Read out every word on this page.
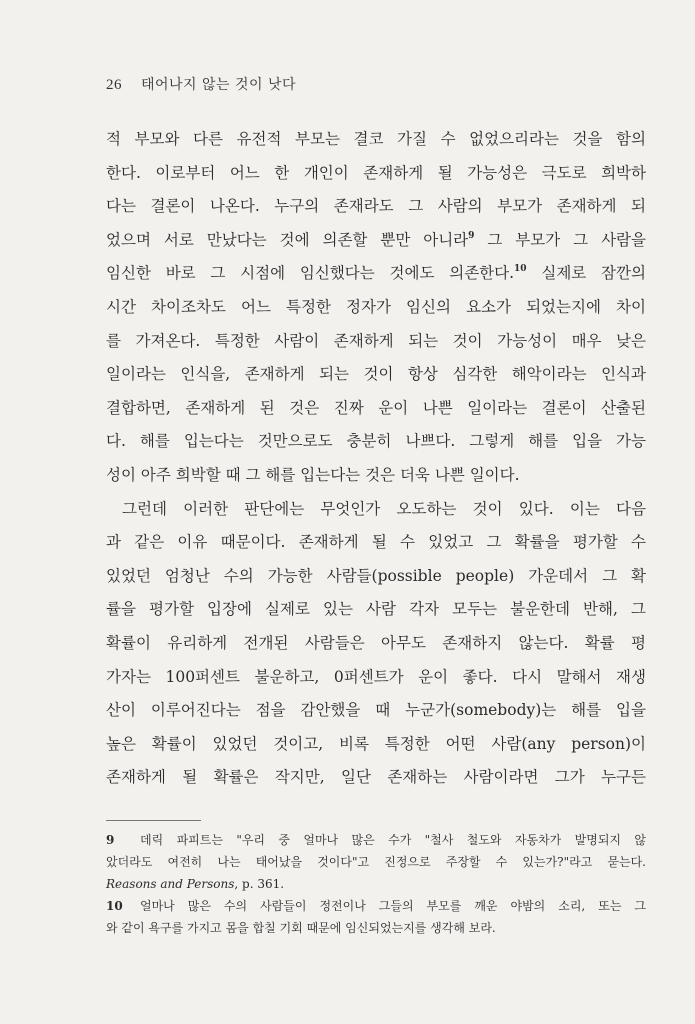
26 태어나지 않는 것이 낫다
적 부모와 다른 유전적 부모는 결코 가질 수 없었으리라는 것을 함의
한다. 이로부터 어느 한 개인이 존재하게 될 가능성은 극도로 희박하
다는 결론이 나온다. 누구의 존재라도 그 사람의 부모가 존재하게 되
었으며 서로 만났다는 것에 의존할 뿐만 아니라$^9$ 그 부모가 그 사람을
임신한 바로 그 시점에 임신했다는 것에도 의존한다.$^{10}$ 실제로 잠깐의
시간 차이조차도 어느 특정한 정자가 임신의 요소가 되었는지에 차이
를 가져온다. 특정한 사람이 존재하게 되는 것이 가능성이 매우 낮은
일이라는 인식을, 존재하게 되는 것이 항상 심각한 해악이라는 인식과
결합하면, 존재하게 된 것은 진짜 운이 나쁜 일이라는 결론이 산출된
다. 해를 입는다는 것만으로도 충분히 나쁘다. 그렇게 해를 입을 가능
성이 아주 희박할 때 그 해를 입는다는 것은 더욱 나쁜 일이다.
그런데 이러한 판단에는 무엇인가 오도하는 것이 있다. 이는 다음
과 같은 이유 때문이다. 존재하게 될 수 있었고 그 확률을 평가할 수
있었던 엄청난 수의 가능한 사람들(possible people) 가운데서 그 확
률을 평가할 입장에 실제로 있는 사람 각자 모두는 불운한데 반해, 그
확률이 유리하게 전개된 사람들은 아무도 존재하지 않는다. 확률 평
가자는 100퍼센트 불운하고, 0퍼센트가 운이 좋다. 다시 말해서 재생
산이 이루어진다는 점을 감안했을 때 누군가(somebody)는 해를 입을
높은 확률이 있었던 것이고, 비록 특정한 어떤 사람(any person)이
존재하게 될 확률은 작지만, 일단 존재하는 사람이라면 그가 누구든
9 데릭 파피트는 "우리 중 얼마나 많은 수가 "철사 철도와 자동차가 발명되지 않
았더라도 여전히 나는 태어났을 것이다"고 진정으로 주장할 수 있는가?"라고 묻는다.
Reasons and Persons, p. 361.
10 얼마나 많은 수의 사람들이 정전이나 그들의 부모를 깨운 야밤의 소리, 또는 그
와 같이 욕구를 가지고 몸을 합칠 기회 때문에 임신되었는지를 생각해 보라.
